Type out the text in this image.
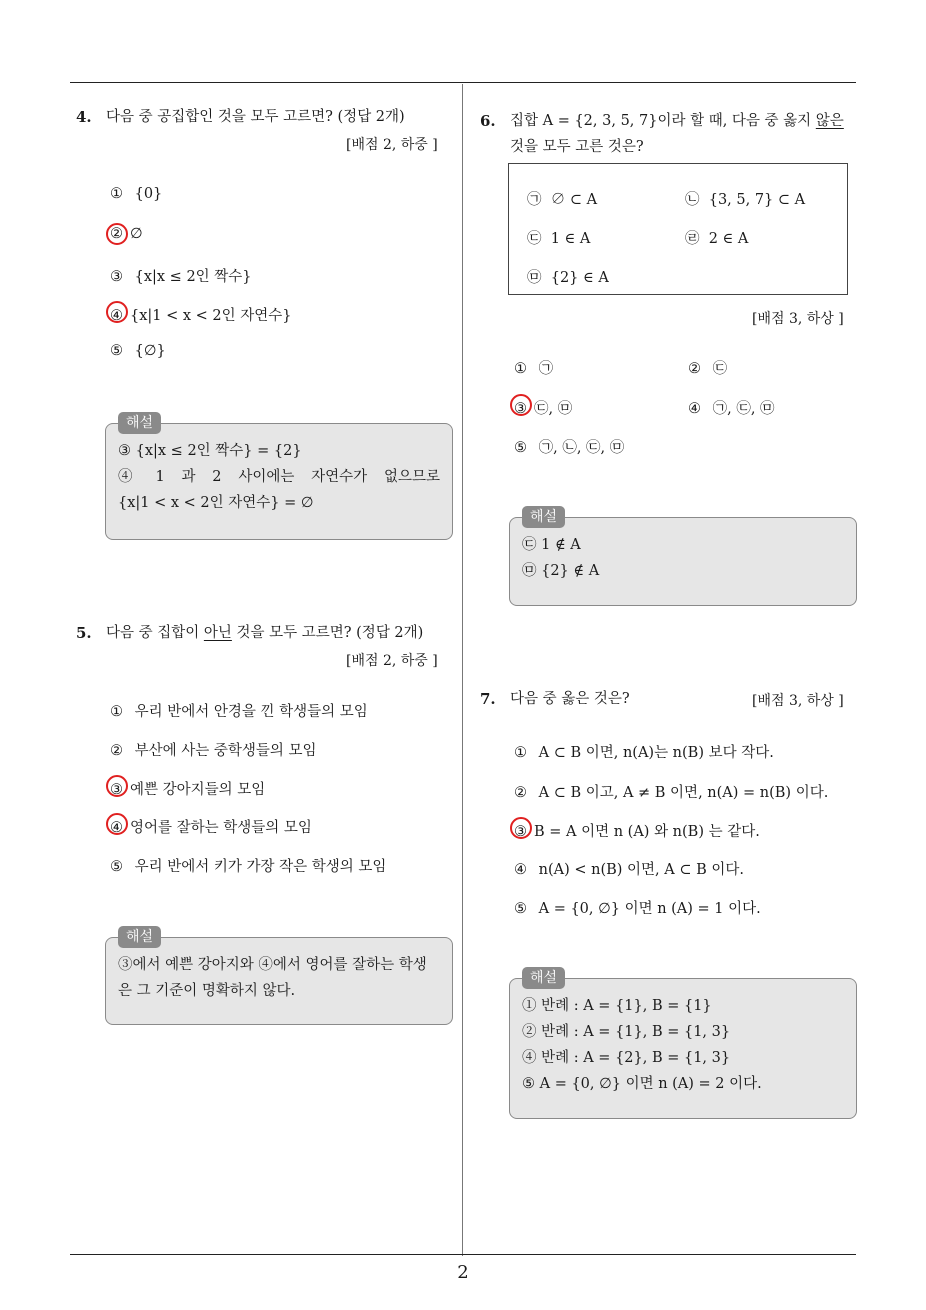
4. 다음 중 공집합인 것을 모두 고르면? (정답 2개)
[배점 2, 하중 ]
① {0}
② ∅
③ {x|x ≤ 2인 짝수}
④ {x|1 < x < 2인 자연수}
⑤ {∅}
해설
③ {x|x ≤ 2인 짝수} = {2}
④ 1 과 2 사이에는 자연수가 없으므로
{x|1 < x < 2인 자연수} = ∅
5. 다음 중 집합이 아닌 것을 모두 고르면? (정답 2개)
[배점 2, 하중 ]
① 우리 반에서 안경을 낀 학생들의 모임
② 부산에 사는 중학생들의 모임
③ 예쁜 강아지들의 모임
④ 영어를 잘하는 학생들의 모임
⑤ 우리 반에서 키가 가장 작은 학생의 모임
해설
③에서 예쁜 강아지와 ④에서 영어를 잘하는 학생
은 그 기준이 명확하지 않다.
6. 집합 A = {2, 3, 5, 7}이라 할 때, 다음 중 옳지 않은
것을 모두 고른 것은?
㉠ ∅ ⊂ A	㉡ {3, 5, 7} ⊂ A
㉢ 1 ∈ A	㉣ 2 ∈ A
㉤ {2} ∈ A
[배점 3, 하상 ]
① ㉠	② ㉢
③ ㉢, ㉤	④ ㉠, ㉢, ㉤
⑤ ㉠, ㉡, ㉢, ㉤
해설
㉢ 1 ∉ A
㉤ {2} ∉ A
7. 다음 중 옳은 것은?	[배점 3, 하상 ]
① A ⊂ B 이면, n(A)는 n(B) 보다 작다.
② A ⊂ B 이고, A ≠ B 이면, n(A) = n(B) 이다.
③ B = A 이면 n (A) 와 n(B) 는 같다.
④ n(A) < n(B) 이면, A ⊂ B 이다.
⑤ A = {0, ∅} 이면 n (A) = 1 이다.
해설
① 반례 : A = {1}, B = {1}
② 반례 : A = {1}, B = {1, 3}
④ 반례 : A = {2}, B = {1, 3}
⑤ A = {0, ∅} 이면 n (A) = 2 이다.
2
